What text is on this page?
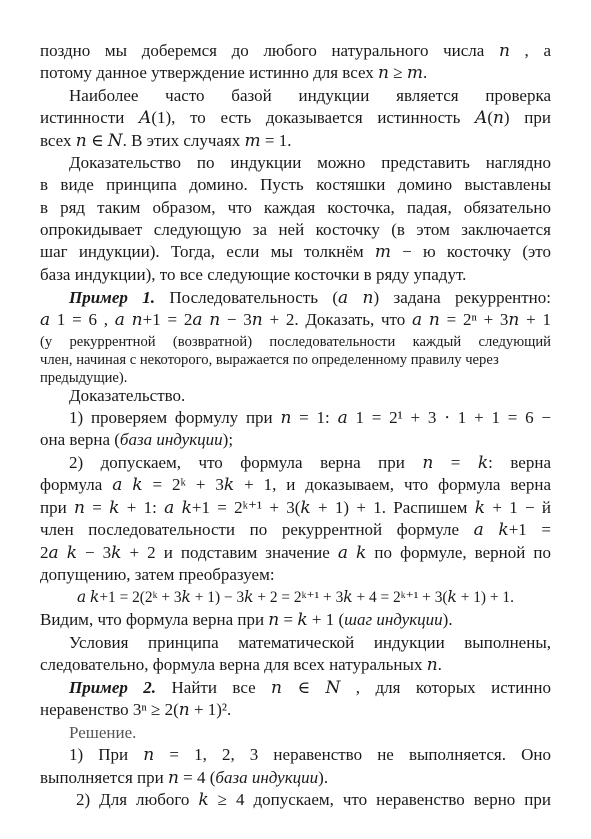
поздно мы доберемся до любого натурального числа 𝑛 , а
потому данное утверждение истинно для всех 𝑛 ≥ 𝑚.
Наиболее часто базой индукции является проверка
истинности 𝐴(1), то есть доказывается истинность 𝐴(𝑛) при
всех 𝑛 ∈ 𝑁. В этих случаях 𝑚 = 1.
Доказательство по индукции можно представить наглядно
в виде принципа домино. Пусть костяшки домино выставлены
в ряд таким образом, что каждая косточка, падая, обязательно
опрокидывает следующую за ней косточку (в этом заключается
шаг индукции). Тогда, если мы толкнём 𝑚 − ю косточку (это
база индукции), то все следующие косточки в ряду упадут.
Пример 1. Последовательность (𝑎 𝑛) задана рекуррентно:
𝑎 1 = 6 , 𝑎 𝑛+1 = 2𝑎 𝑛 − 3𝑛 + 2. Доказать, что 𝑎 𝑛 = 2ⁿ + 3𝑛 + 1
(у рекуррентной (возвратной) последовательности каждый следующий
член, начиная с некоторого, выражается по определенному правилу через
предыдущие).
Доказательство.
1) проверяем формулу при 𝑛 = 1: 𝑎 1 = 2¹ + 3 ⋅ 1 + 1 = 6 −
она верна (база индукции);
2) допускаем, что формула верна при 𝑛 = 𝑘: верна
формула 𝑎 𝑘 = 2ᵏ + 3𝑘 + 1, и доказываем, что формула верна
при 𝑛 = 𝑘 + 1: 𝑎 𝑘+1 = 2ᵏ⁺¹ + 3(𝑘 + 1) + 1. Распишем 𝑘 + 1 − й
член последовательности по рекуррентной формуле 𝑎 𝑘+1 =
2𝑎 𝑘 − 3𝑘 + 2 и подставим значение 𝑎 𝑘 по формуле, верной по
допущению, затем преобразуем:
𝑎 𝑘+1 = 2(2ᵏ + 3𝑘 + 1) − 3𝑘 + 2 = 2ᵏ⁺¹ + 3𝑘 + 4 = 2ᵏ⁺¹ + 3(𝑘 + 1) + 1.
Видим, что формула верна при 𝑛 = 𝑘 + 1 (шаг индукции).
Условия принципа математической индукции выполнены,
следовательно, формула верна для всех натуральных 𝑛.
Пример 2. Найти все 𝑛 ∈ 𝑁 , для которых истинно
неравенство 3ⁿ ≥ 2(𝑛 + 1)².
Решение.
1) При 𝑛 = 1, 2, 3 неравенство не выполняется. Оно
выполняется при 𝑛 = 4 (база индукции).
2) Для любого 𝑘 ≥ 4 допускаем, что неравенство верно при
